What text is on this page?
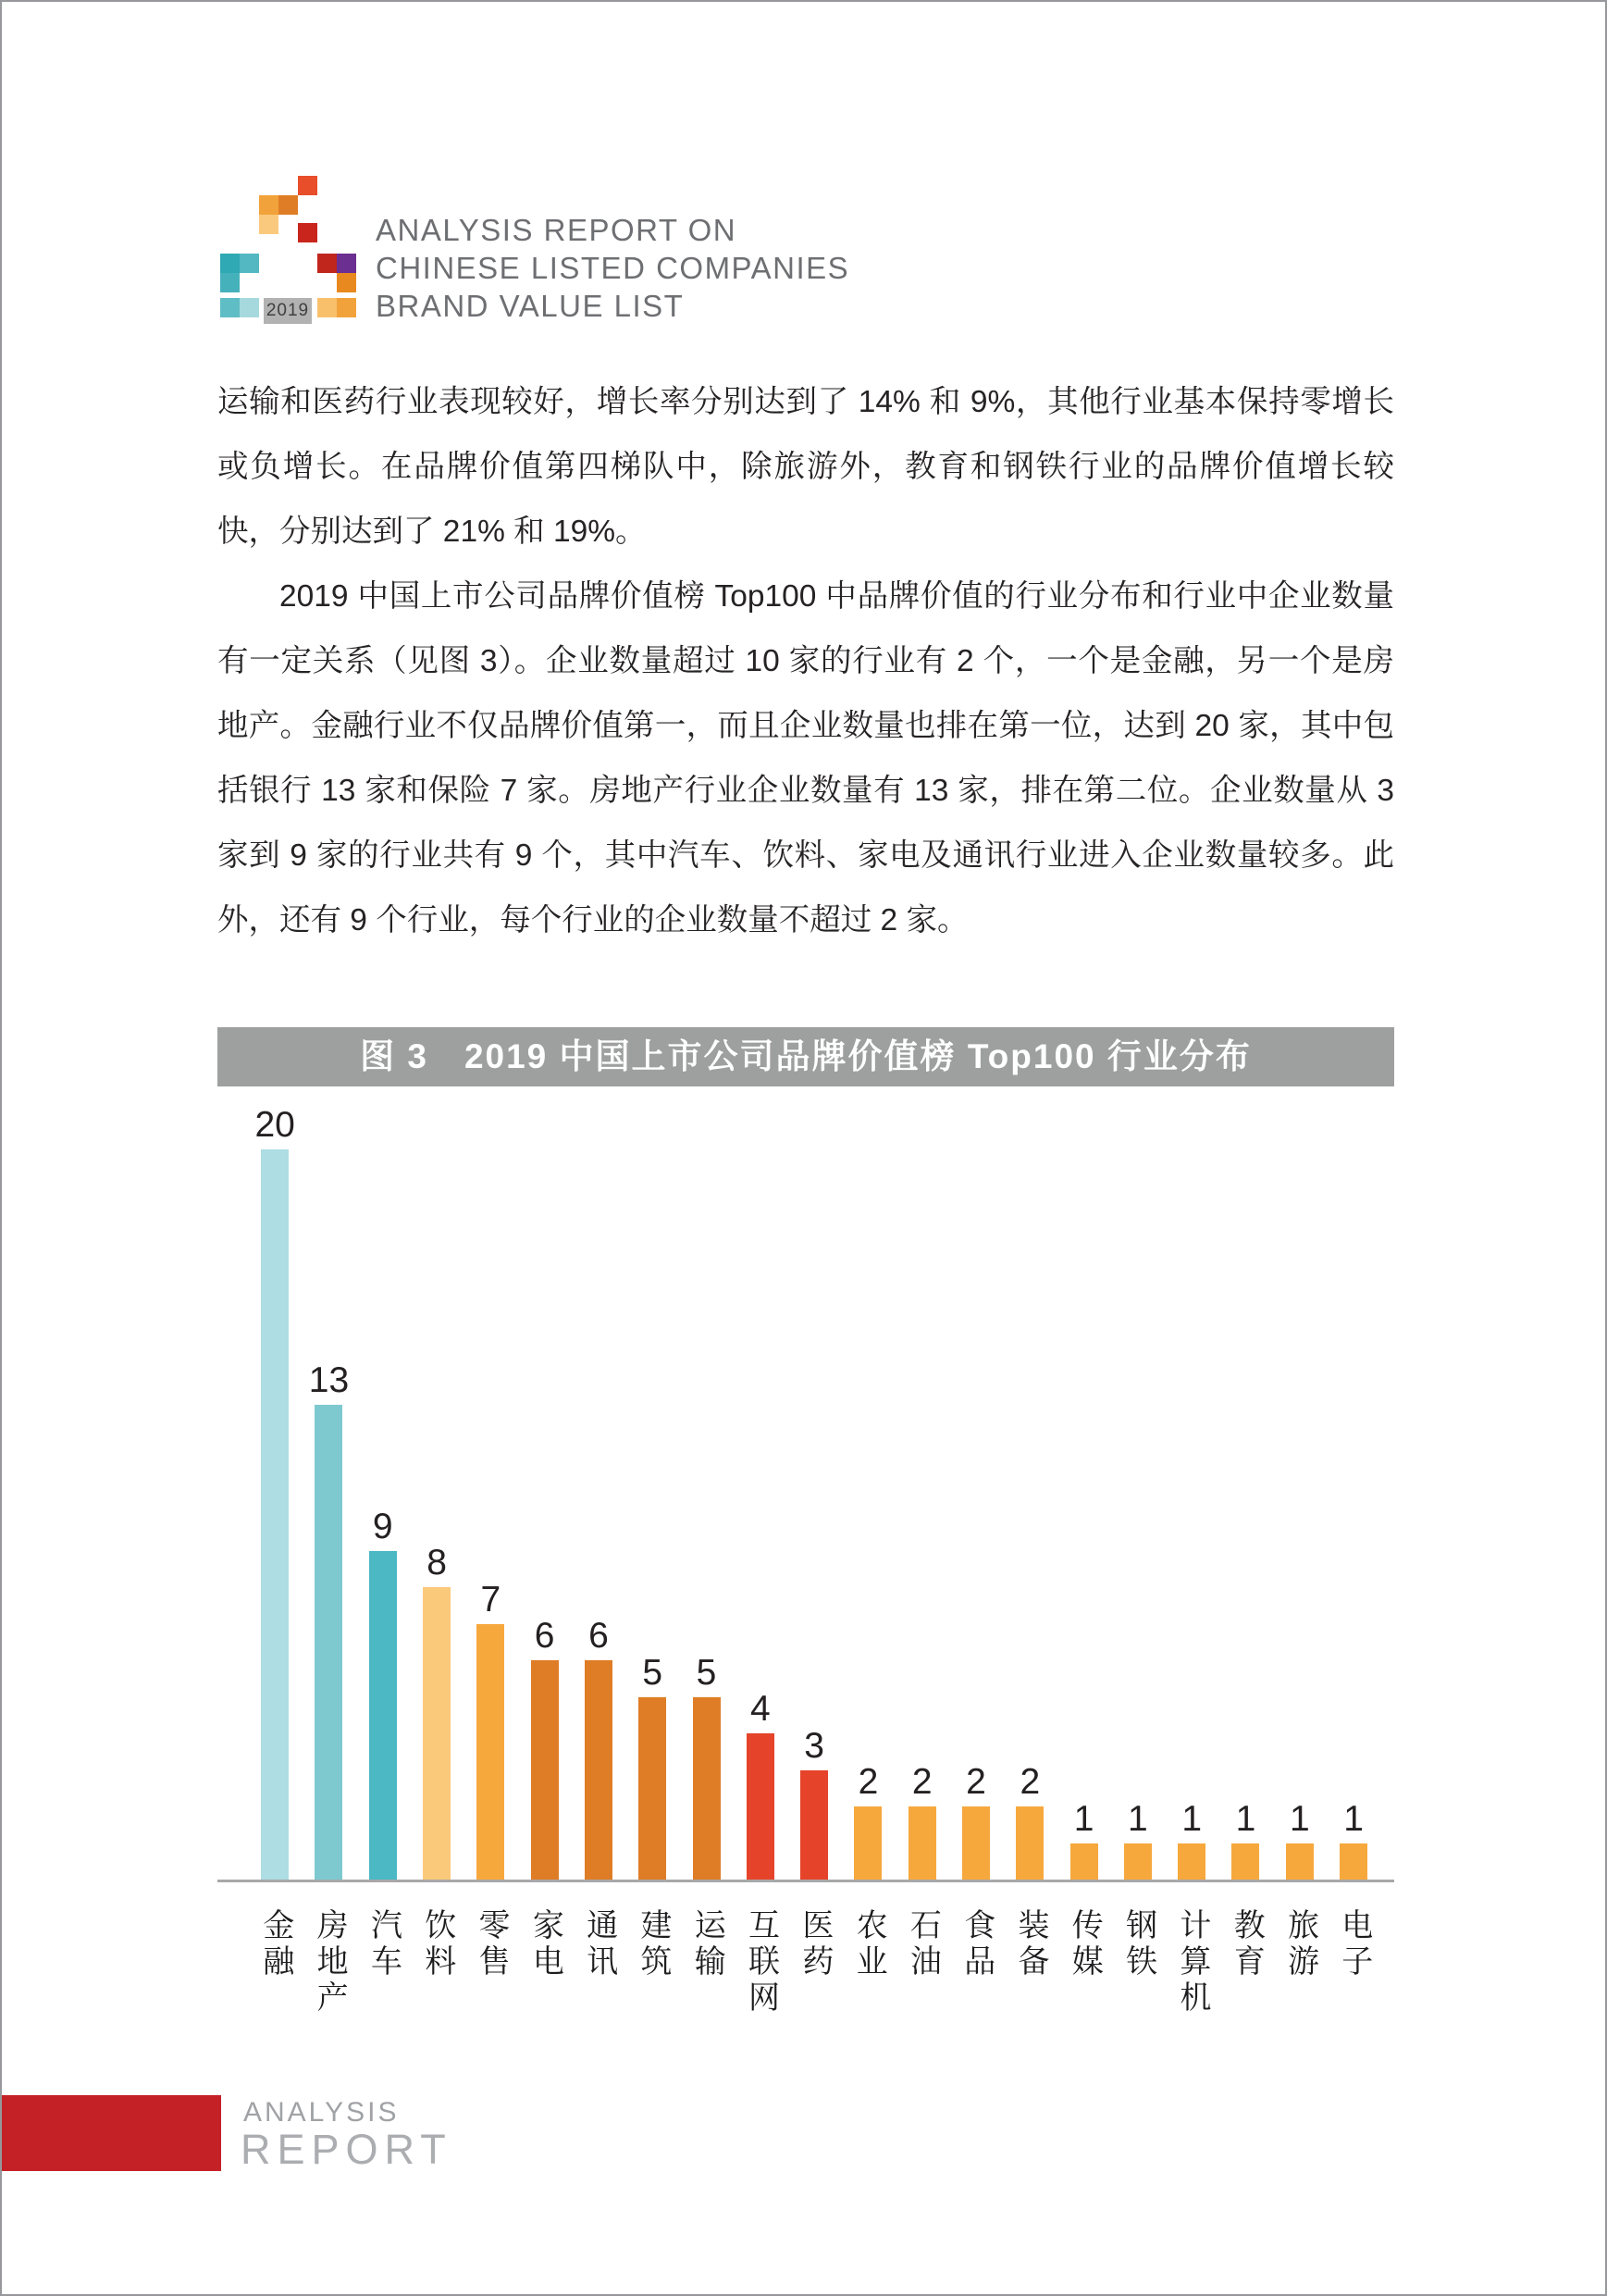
2019
ANALYSIS REPORT ON
CHINESE LISTED COMPANIES
BRAND VALUE LIST

运输和医药行业表现较好，增长率分别达到了 14% 和 9%，其他行业基本保持零增长或负增长。在品牌价值第四梯队中，除旅游外，教育和钢铁行业的品牌价值增长较快，分别达到了 21% 和 19%。

2019 中国上市公司品牌价值榜 Top100 中品牌价值的行业分布和行业中企业数量有一定关系（见图 3）。企业数量超过 10 家的行业有 2 个，一个是金融，另一个是房地产。金融行业不仅品牌价值第一，而且企业数量也排在第一位，达到 20 家，其中包括银行 13 家和保险 7 家。房地产行业企业数量有 13 家，排在第二位。企业数量从 3 家到 9 家的行业共有 9 个，其中汽车、饮料、家电及通讯行业进入企业数量较多。此外，还有 9 个行业，每个行业的企业数量不超过 2 家。

图 3　2019 中国上市公司品牌价值榜 Top100 行业分布
20
13
9
8
7
6 6
5 5
4
3
2 2 2 2
1 1 1 1 1 1
金融 房地产 汽车 饮料 零售 家电 通讯 建筑 运输 互联网 医药 农业 石油 食品 装备 传媒 钢铁 计算机 教育 旅游 电子
ANALYSIS
REPORT
